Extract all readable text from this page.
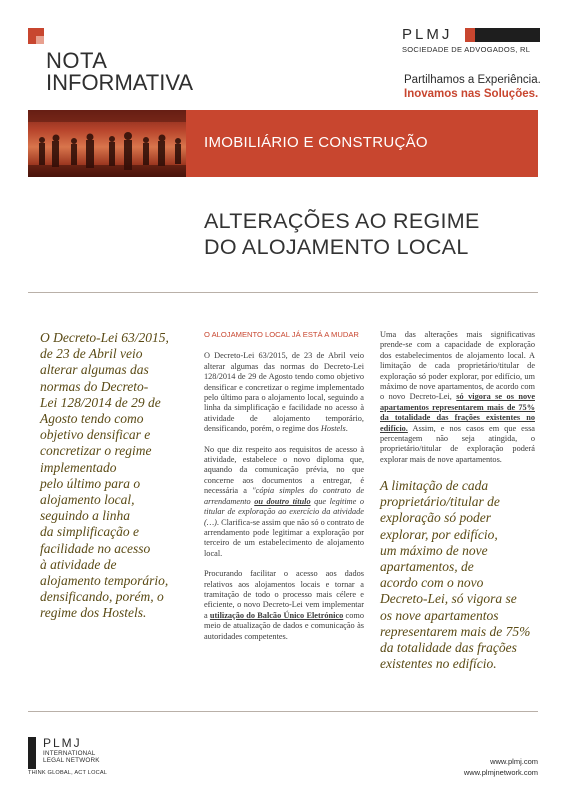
NOTA
INFORMATIVA
PLMJ
SOCIEDADE DE ADVOGADOS, RL
Partilhamos a Experiência.
Inovamos nas Soluções.
ABRIL 2015
IMOBILIÁRIO E CONSTRUÇÃO
ALTERAÇÕES AO REGIME
DO ALOJAMENTO LOCAL

O Decreto-Lei 63/2015,
de 23 de Abril veio
alterar algumas das
normas do Decreto-
Lei 128/2014 de 29 de
Agosto tendo como
objetivo densificar e
concretizar o regime
implementado
pelo último para o
alojamento local,
seguindo a linha
da simplificação e
facilidade no acesso
à atividade de
alojamento temporário,
densificando, porém, o
regime dos Hostels.

O ALOJAMENTO LOCAL JÁ ESTÁ A MUDAR

O Decreto-Lei 63/2015, de 23 de Abril veio alterar algumas das normas do Decreto-Lei 128/2014 de 29 de Agosto tendo como objetivo densificar e concretizar o regime implementado pelo último para o alojamento local, seguindo a linha da simplificação e facilidade no acesso à atividade de alojamento temporário, densificando, porém, o regime dos Hostels.

No que diz respeito aos requisitos de acesso à atividade, estabelece o novo diploma que, aquando da comunicação prévia, no que concerne aos documentos a entregar, é necessária a "cópia simples do contrato de arrendamento ou doutro título que legitime o titular de exploração ao exercício da atividade (…). Clarifica-se assim que não só o contrato de arrendamento pode legitimar a exploração por terceiro de um estabelecimento de alojamento local.

Procurando facilitar o acesso aos dados relativos aos alojamentos locais e tornar a tramitação de todo o processo mais célere e eficiente, o novo Decreto-Lei vem implementar a utilização do Balcão Único Eletrónico como meio de atualização de dados e comunicação às autoridades competentes.

Uma das alterações mais significativas prende-se com a capacidade de exploração dos estabelecimentos de alojamento local. A limitação de cada proprietário/titular de exploração só poder explorar, por edifício, um máximo de nove apartamentos, de acordo com o novo Decreto-Lei, só vigora se os nove apartamentos representarem mais de 75% da totalidade das frações existentes no edifício. Assim, e nos casos em que essa percentagem não seja atingida, o proprietário/titular de exploração poderá explorar mais de nove apartamentos.

A limitação de cada
proprietário/titular de
exploração só poder
explorar, por edifício,
um máximo de nove
apartamentos, de
acordo com o novo
Decreto-Lei, só vigora se
os nove apartamentos
representarem mais de 75%
da totalidade das frações
existentes no edifício.

PLMJ
INTERNATIONAL
LEGAL NETWORK
THINK GLOBAL, ACT LOCAL
www.plmj.com
www.plmjnetwork.com
